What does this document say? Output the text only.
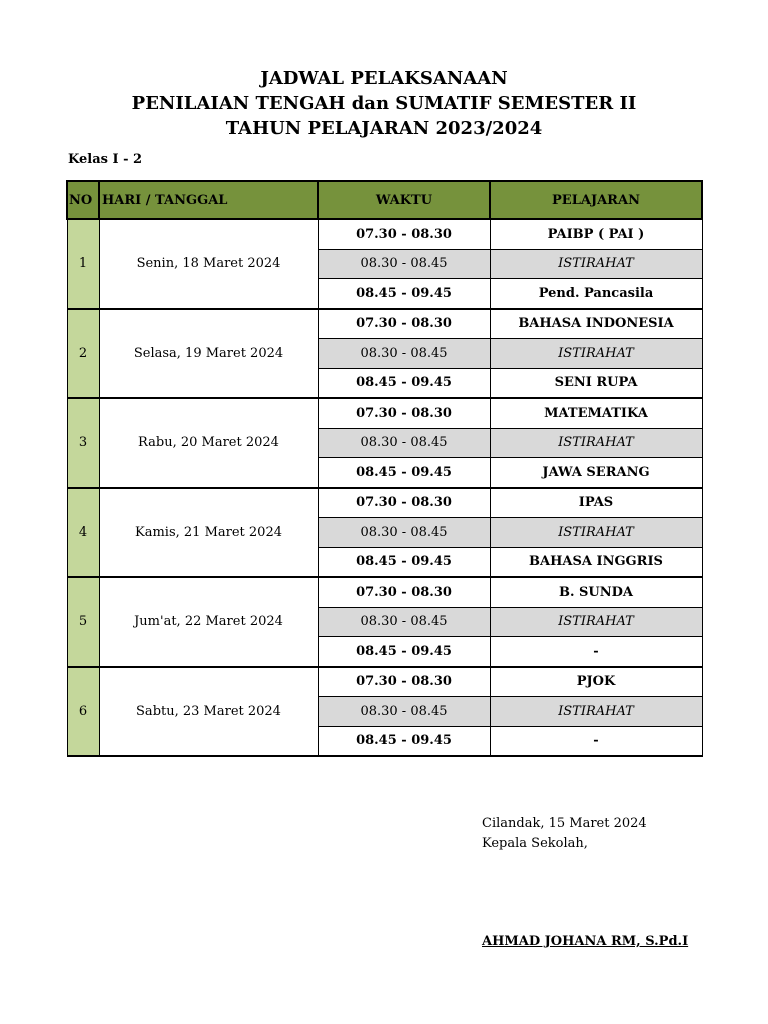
JADWAL PELAKSANAAN
PENILAIAN TENGAH dan SUMATIF SEMESTER II
TAHUN PELAJARAN 2023/2024
Kelas I - 2
NO	HARI / TANGGAL	WAKTU	PELAJARAN
1	Senin, 18 Maret 2024	07.30 - 08.30	PAIBP ( PAI )
		08.30 - 08.45	ISTIRAHAT
		08.45 - 09.45	Pend. Pancasila
2	Selasa, 19 Maret 2024	07.30 - 08.30	BAHASA INDONESIA
		08.30 - 08.45	ISTIRAHAT
		08.45 - 09.45	SENI RUPA
3	Rabu, 20 Maret 2024	07.30 - 08.30	MATEMATIKA
		08.30 - 08.45	ISTIRAHAT
		08.45 - 09.45	JAWA SERANG
4	Kamis, 21 Maret 2024	07.30 - 08.30	IPAS
		08.30 - 08.45	ISTIRAHAT
		08.45 - 09.45	BAHASA INGGRIS
5	Jum'at, 22 Maret 2024	07.30 - 08.30	B. SUNDA
		08.30 - 08.45	ISTIRAHAT
		08.45 - 09.45	-
6	Sabtu, 23 Maret 2024	07.30 - 08.30	PJOK
		08.30 - 08.45	ISTIRAHAT
		08.45 - 09.45	-
Cilandak, 15 Maret 2024
Kepala Sekolah,
AHMAD JOHANA RM, S.Pd.I
